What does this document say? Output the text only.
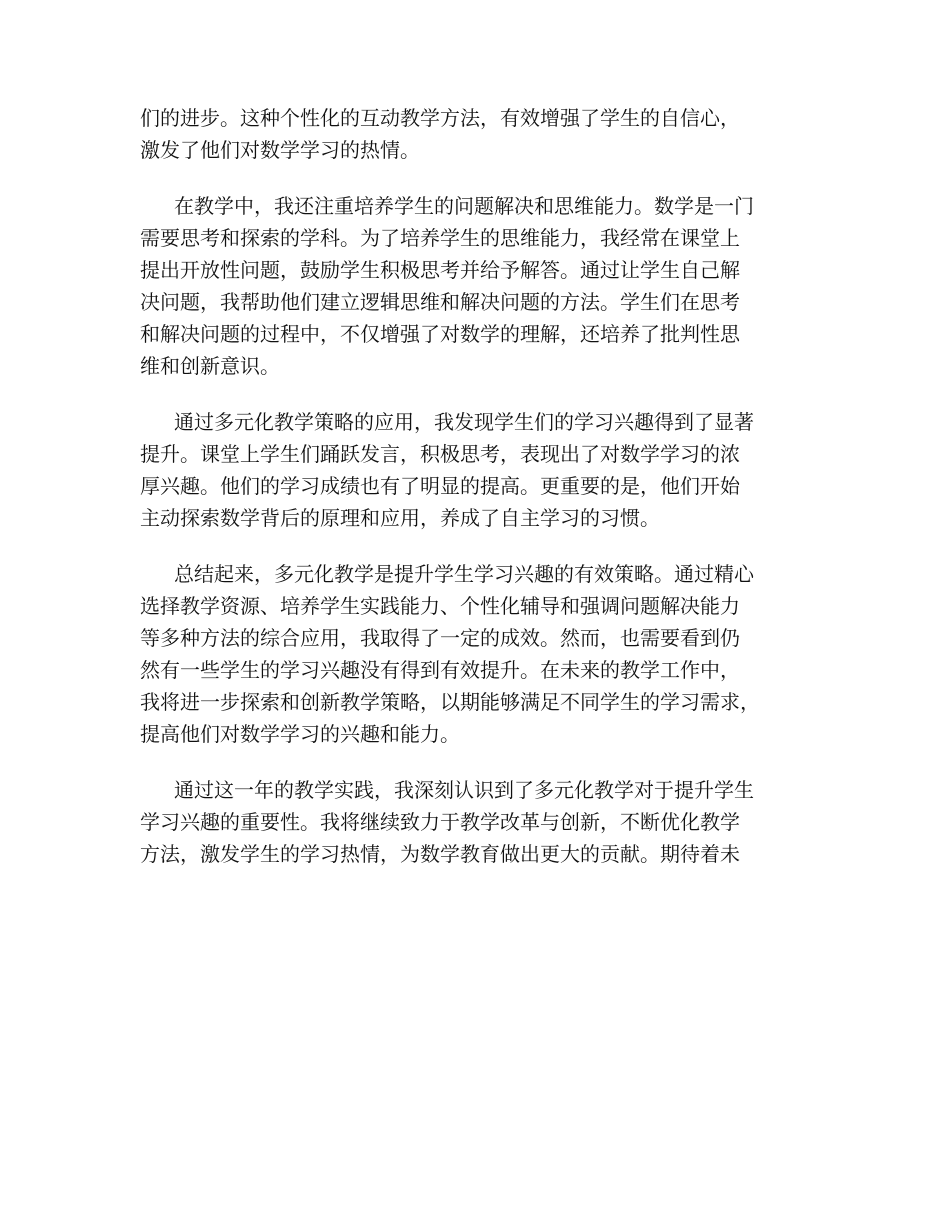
们的进步。这种个性化的互动教学方法，有效增强了学生的自信心，
激发了他们对数学学习的热情。

在教学中，我还注重培养学生的问题解决和思维能力。数学是一门
需要思考和探索的学科。为了培养学生的思维能力，我经常在课堂上
提出开放性问题，鼓励学生积极思考并给予解答。通过让学生自己解
决问题，我帮助他们建立逻辑思维和解决问题的方法。学生们在思考
和解决问题的过程中，不仅增强了对数学的理解，还培养了批判性思
维和创新意识。

通过多元化教学策略的应用，我发现学生们的学习兴趣得到了显著
提升。课堂上学生们踊跃发言，积极思考，表现出了对数学学习的浓
厚兴趣。他们的学习成绩也有了明显的提高。更重要的是，他们开始
主动探索数学背后的原理和应用，养成了自主学习的习惯。

总结起来，多元化教学是提升学生学习兴趣的有效策略。通过精心
选择教学资源、培养学生实践能力、个性化辅导和强调问题解决能力
等多种方法的综合应用，我取得了一定的成效。然而，也需要看到仍
然有一些学生的学习兴趣没有得到有效提升。在未来的教学工作中，
我将进一步探索和创新教学策略，以期能够满足不同学生的学习需求，
提高他们对数学学习的兴趣和能力。

通过这一年的教学实践，我深刻认识到了多元化教学对于提升学生
学习兴趣的重要性。我将继续致力于教学改革与创新，不断优化教学
方法，激发学生的学习热情，为数学教育做出更大的贡献。期待着未
